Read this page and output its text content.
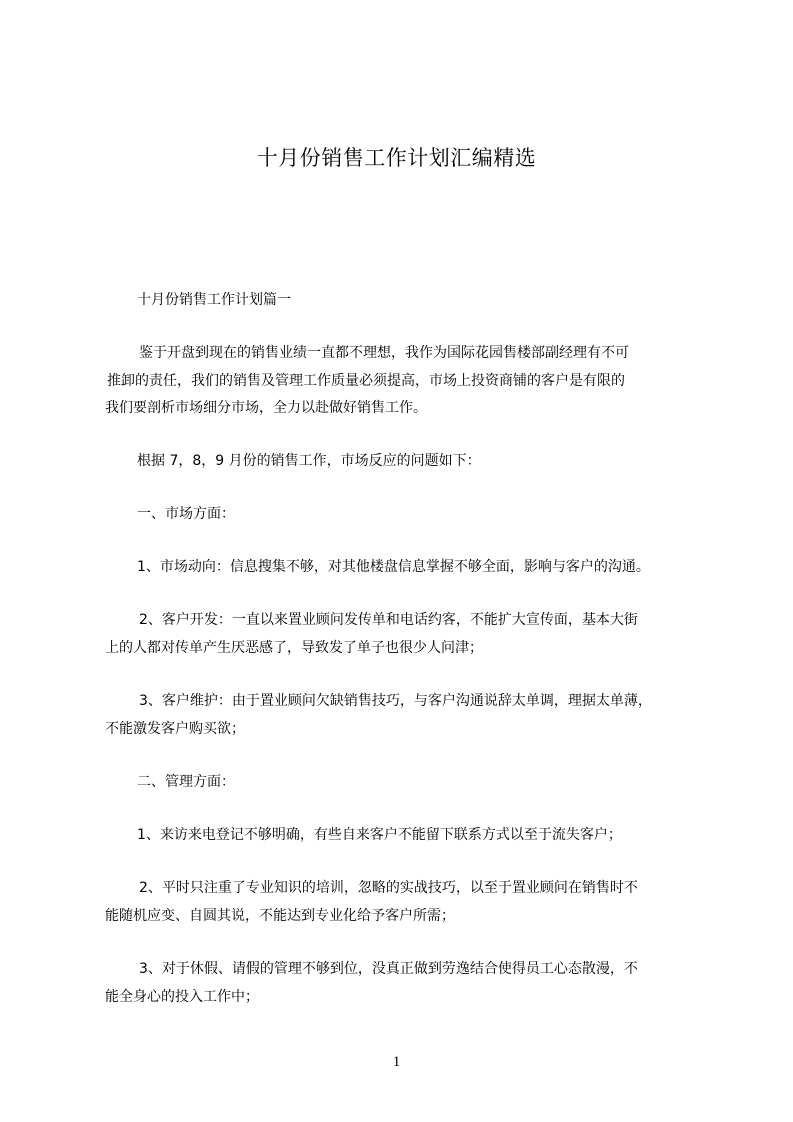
十月份销售工作计划汇编精选
十月份销售工作计划篇一
鉴于开盘到现在的销售业绩一直都不理想，我作为国际花园售楼部副经理有不可
推卸的责任，我们的销售及管理工作质量必须提高，市场上投资商铺的客户是有限的
我们要剖析市场细分市场，全力以赴做好销售工作。
根据 7，8，9 月份的销售工作，市场反应的问题如下：
一、市场方面：
1、市场动向：信息搜集不够，对其他楼盘信息掌握不够全面，影响与客户的沟通。
2、客户开发：一直以来置业顾问发传单和电话约客，不能扩大宣传面，基本大街
上的人都对传单产生厌恶感了，导致发了单子也很少人问津；
3、客户维护：由于置业顾问欠缺销售技巧，与客户沟通说辞太单调，理据太单薄，
不能激发客户购买欲；
二、管理方面：
1、来访来电登记不够明确，有些自来客户不能留下联系方式以至于流失客户；
2、平时只注重了专业知识的培训，忽略的实战技巧，以至于置业顾问在销售时不
能随机应变、自圆其说，不能达到专业化给予客户所需；
3、对于休假、请假的管理不够到位，没真正做到劳逸结合使得员工心态散漫，不
能全身心的投入工作中；
1
